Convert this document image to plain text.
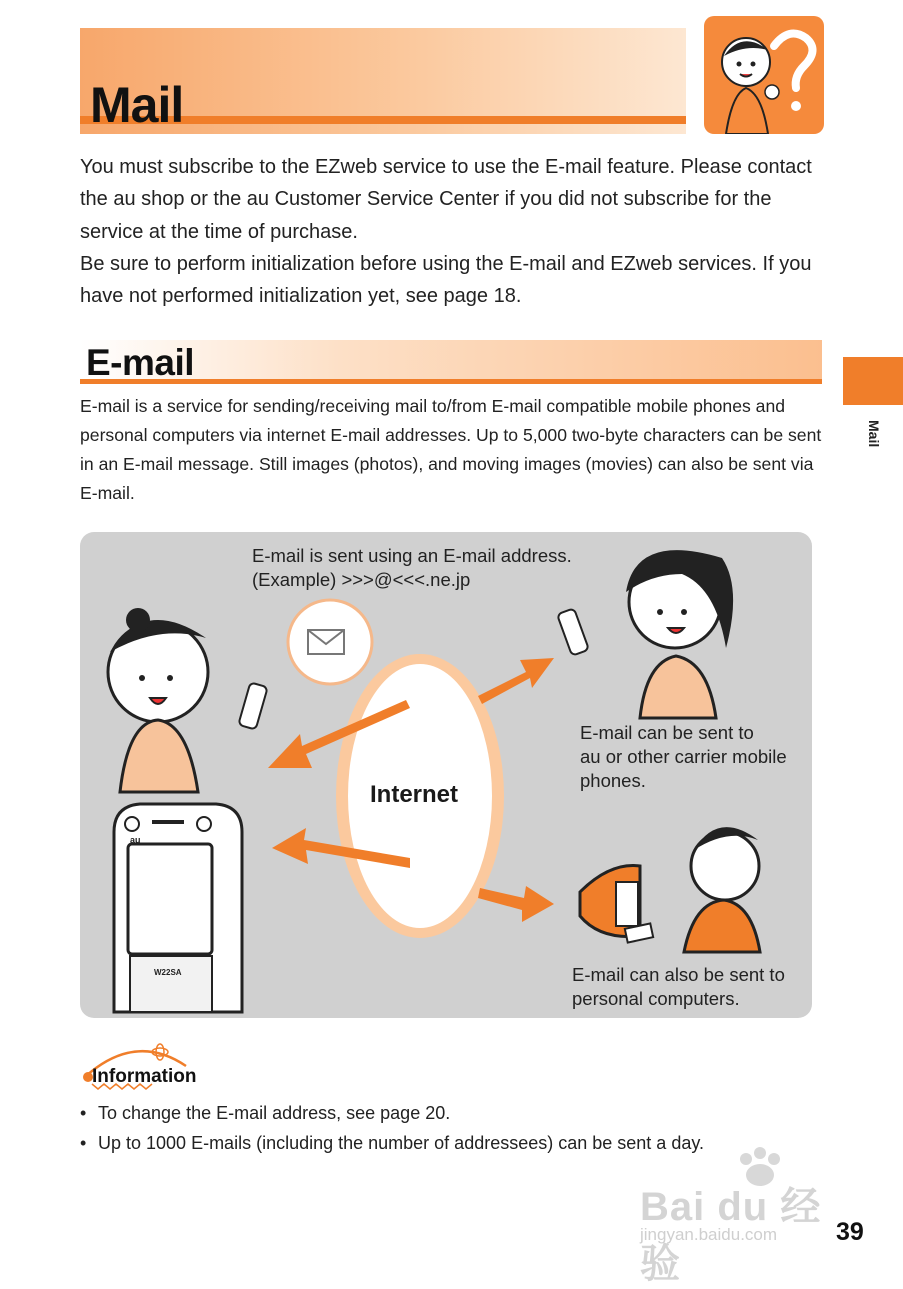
Mail

You must subscribe to the EZweb service to use the E-mail feature. Please contact the au shop or the au Customer Service Center if you did not subscribe for the service at the time of purchase.

Be sure to perform initialization before using the E-mail and EZweb services. If you have not performed initialization yet, see page 18.

E-mail
Mail

E-mail is a service for sending/receiving mail to/from E-mail compatible mobile phones and personal computers via internet E-mail addresses. Up to 5,000 two-byte characters can be sent in an E-mail message. Still images (photos), and moving images (movies) can also be sent via E-mail.

E-mail is sent using an E-mail address.
(Example) >>>@<<<.ne.jp
Internet
E-mail can be sent to
au or other carrier mobile
phones.
E-mail can also be sent to
personal computers.
au
W22SA
Information
• To change the E-mail address, see page 20.
• Up to 1000 E-mails (including the number of addressees) can be sent a day.
Bai du 经验
jingyan.baidu.com 39
